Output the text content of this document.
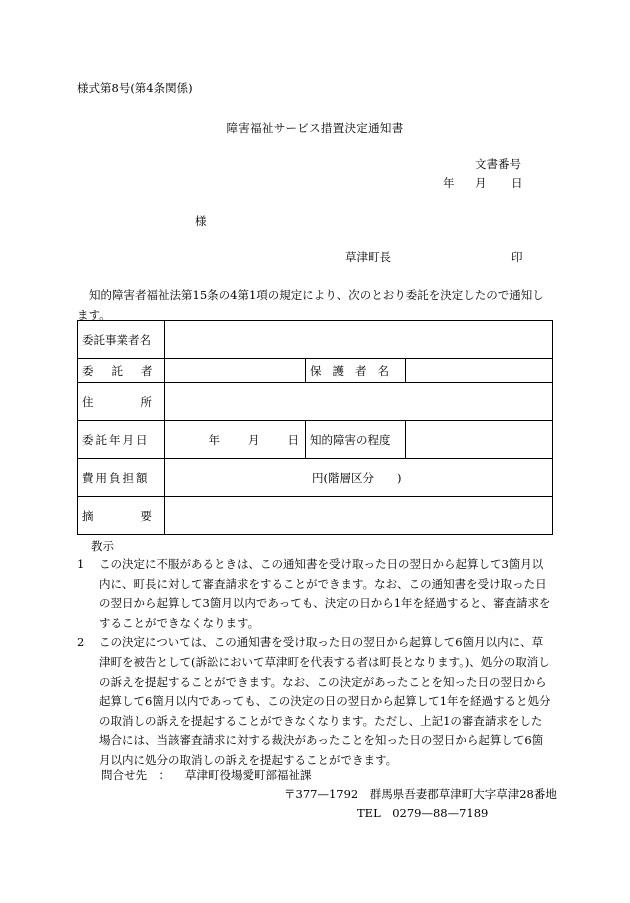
様式第8号(第4条関係)
障害福祉サービス措置決定通知書
文書番号
年 月 日
様
草津町長	印
知的障害者福祉法第15条の4第1項の規定により、次のとおり委託を決定したので通知します。
委託事業者名			

委託者		保護者名	

住所			

委託年月日	年 月 日	知的障害の程度	

費用負担額	円(階層区分　　)		

摘要			

教示
1 この決定に不服があるときは、この通知書を受け取った日の翌日から起算して3箇月以内に、町長に対して審査請求をすることができます。なお、この通知書を受け取った日の翌日から起算して3箇月以内であっても、決定の日から1年を経過すると、審査請求をすることができなくなります。
2 この決定については、この通知書を受け取った日の翌日から起算して6箇月以内に、草津町を被告として(訴訟において草津町を代表する者は町長となります。)、処分の取消しの訴えを提起することができます。なお、この決定があったことを知った日の翌日から起算して6箇月以内であっても、この決定の日の翌日から起算して1年を経過すると処分の取消しの訴えを提起することができなくなります。ただし、上記1の審査請求をした場合には、当該審査請求に対する裁決があったことを知った日の翌日から起算して6箇月以内に処分の取消しの訴えを提起することができます。
問合せ先　： 草津町役場愛町部福祉課
〒377—1792　群馬県吾妻郡草津町大字草津28番地
TEL　0279—88—7189
